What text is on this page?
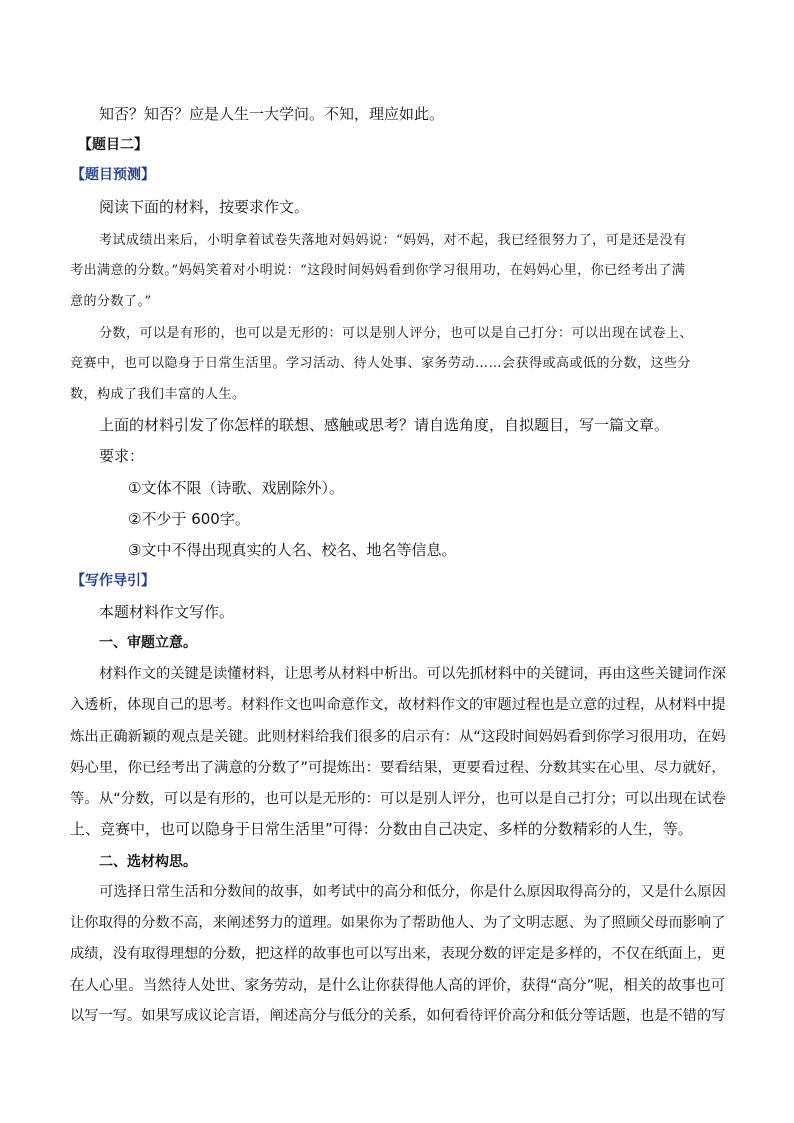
知否？知否？应是人生一大学问。不知，理应如此。
【题目二】
【题目预测】
阅读下面的材料，按要求作文。
考试成绩出来后，小明拿着试卷失落地对妈妈说：“妈妈，对不起，我已经很努力了，可是还是没有
考出满意的分数。”妈妈笑着对小明说：“这段时间妈妈看到你学习很用功，在妈妈心里，你已经考出了满
意的分数了。”
分数，可以是有形的，也可以是无形的：可以是别人评分，也可以是自己打分：可以出现在试卷上、
竞赛中，也可以隐身于日常生活里。学习活动、待人处事、家务劳动……会获得或高或低的分数，这些分
数，构成了我们丰富的人生。
上面的材料引发了你怎样的联想、感触或思考？请自选角度，自拟题目，写一篇文章。
要求：
①文体不限（诗歌、戏剧除外）。
②不少于 600字。
③文中不得出现真实的人名、校名、地名等信息。
【写作导引】
本题材料作文写作。
一、审题立意。
材料作文的关键是读懂材料，让思考从材料中析出。可以先抓材料中的关键词，再由这些关键词作深
入透析，体现自己的思考。材料作文也叫命意作文，故材料作文的审题过程也是立意的过程，从材料中提
炼出正确新颖的观点是关键。此则材料给我们很多的启示有：从“这段时间妈妈看到你学习很用功，在妈
妈心里，你已经考出了满意的分数了”可提炼出：要看结果，更要看过程、分数其实在心里、尽力就好，
等。从“分数，可以是有形的，也可以是无形的：可以是别人评分，也可以是自己打分；可以出现在试卷
上、竞赛中，也可以隐身于日常生活里”可得：分数由自己决定、多样的分数精彩的人生，等。
二、选材构思。
可选择日常生活和分数间的故事，如考试中的高分和低分，你是什么原因取得高分的，又是什么原因
让你取得的分数不高，来阐述努力的道理。如果你为了帮助他人、为了文明志愿、为了照顾父母而影响了
成绩，没有取得理想的分数，把这样的故事也可以写出来，表现分数的评定是多样的，不仅在纸面上，更
在人心里。当然待人处世、家务劳动，是什么让你获得他人高的评价，获得“高分”呢，相关的故事也可
以写一写。如果写成议论言语，阐述高分与低分的关系，如何看待评价高分和低分等话题，也是不错的写
